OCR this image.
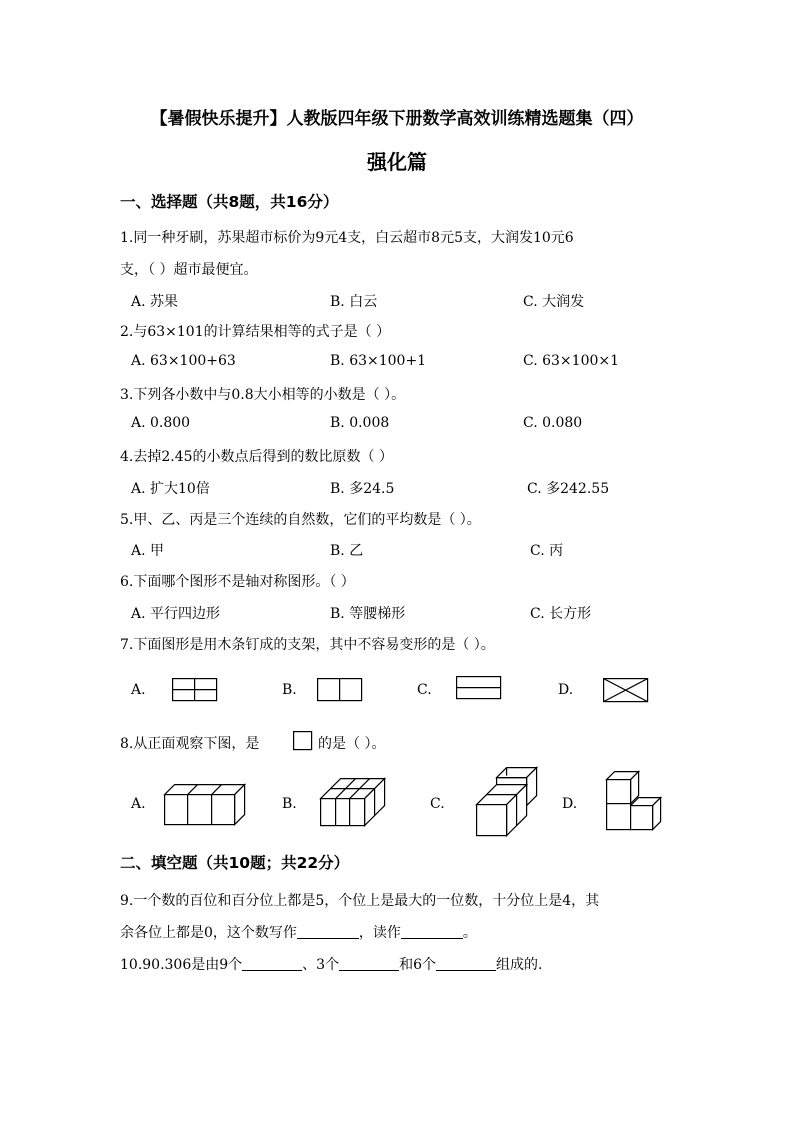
【暑假快乐提升】人教版四年级下册数学高效训练精选题集（四）
强化篇
一、选择题（共8题，共16分）
1.同一种牙刷，苏果超市标价为9元4支，白云超市8元5支，大润发10元6
支，（ ）超市最便宜。
A. 苏果	B. 白云	C. 大润发
2.与63×101的计算结果相等的式子是（ ）
A. 63×100+63	B. 63×100+1	C. 63×100×1
3.下列各小数中与0.8大小相等的小数是（ ）。
A. 0.800	B. 0.008	C. 0.080
4.去掉2.45的小数点后得到的数比原数（ ）
A. 扩大10倍	B. 多24.5	C. 多242.55
5.甲、乙、丙是三个连续的自然数，它们的平均数是（ ）。
A. 甲	B. 乙	C. 丙
6.下面哪个图形不是轴对称图形。（ ）
A. 平行四边形	B. 等腰梯形	C. 长方形
7.下面图形是用木条钉成的支架，其中不容易变形的是（ ）。
A.	B.	C.	D.
8.从正面观察下图，是	的是（ ）。
A.	B.	C.	D.
二、填空题（共10题；共22分）
9.一个数的百位和百分位上都是5，个位上是最大的一位数，十分位上是4，其
余各位上都是0，这个数写作	，读作	。
10.90.306是由9个	、3个	和6个	组成的.
